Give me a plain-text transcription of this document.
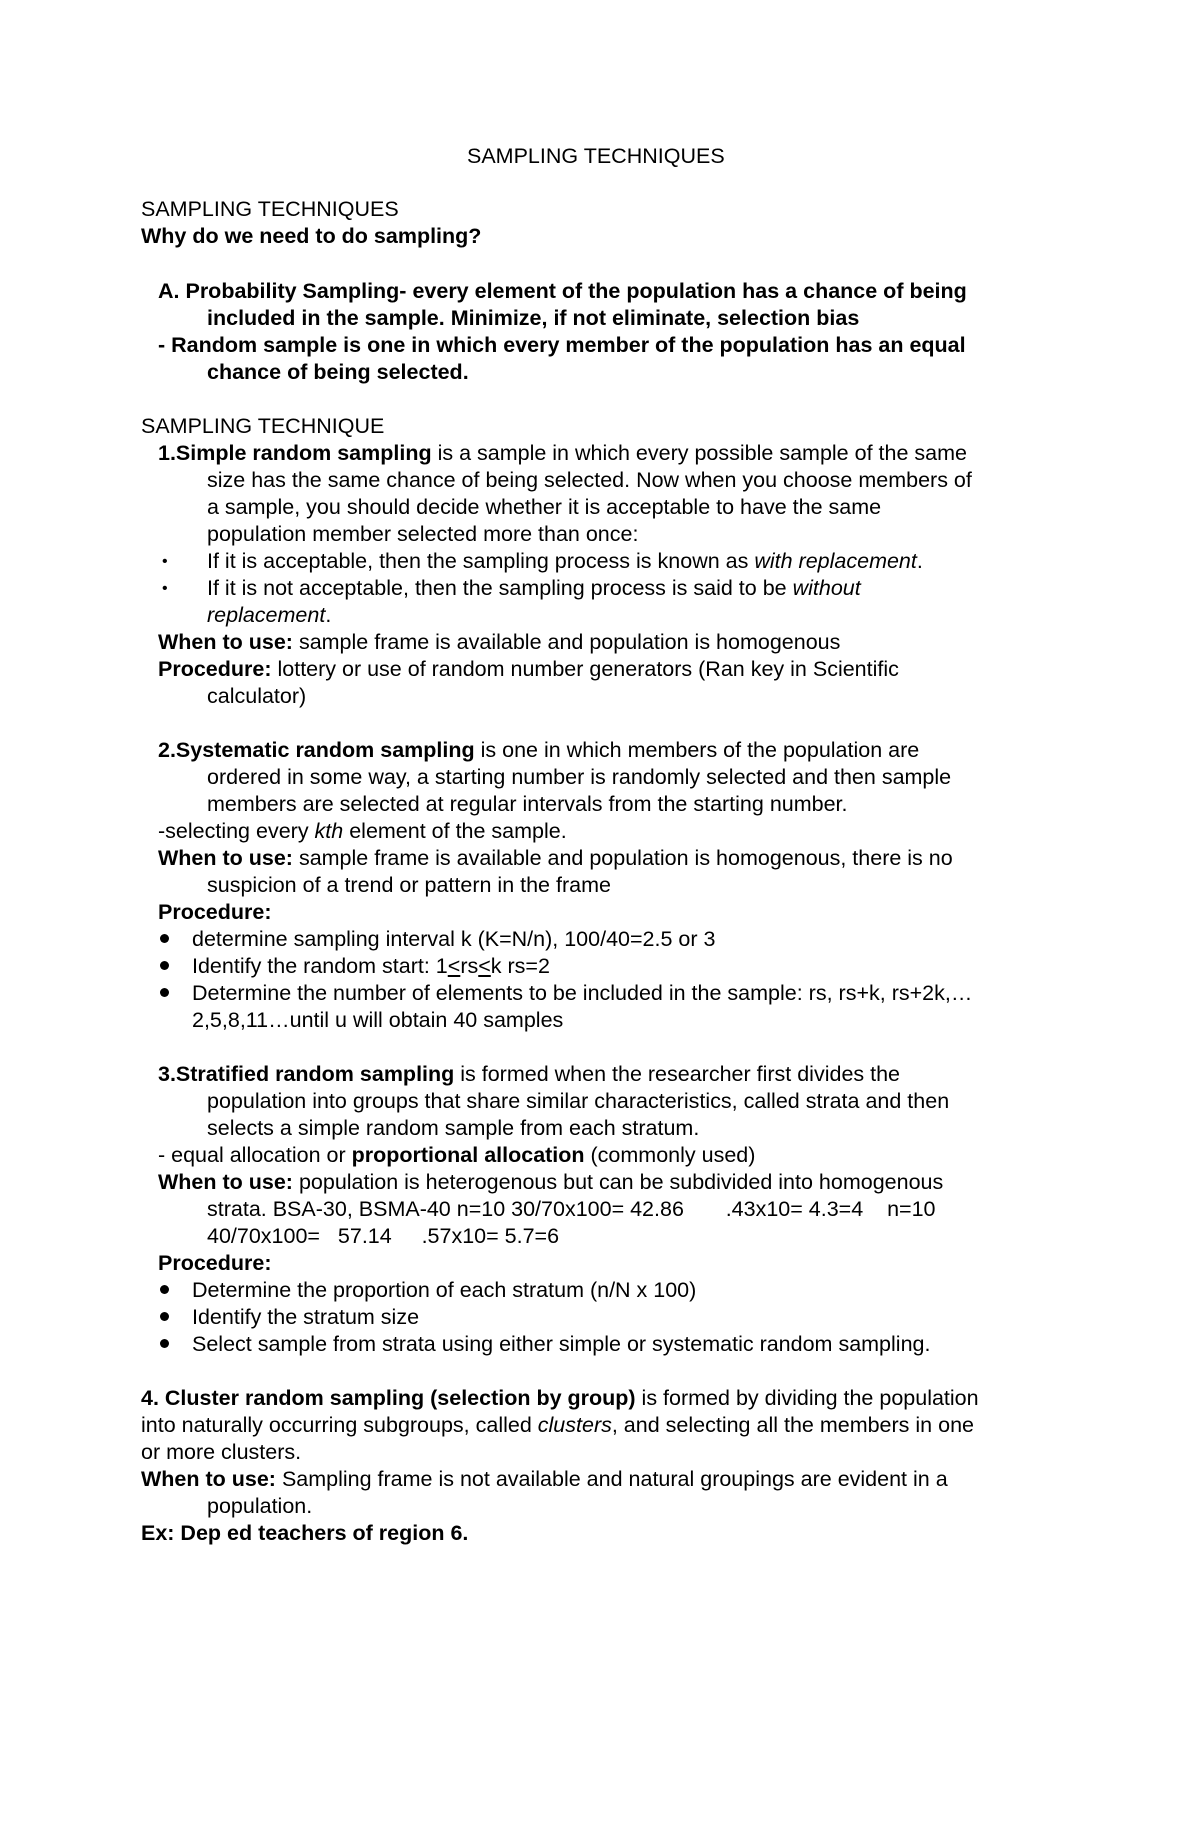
SAMPLING TECHNIQUES
SAMPLING TECHNIQUES
Why do we need to do sampling?
A. Probability Sampling- every element of the population has a chance of being
included in the sample. Minimize, if not eliminate, selection bias
- Random sample is one in which every member of the population has an equal
chance of being selected.
SAMPLING TECHNIQUE
1.Simple random sampling is a sample in which every possible sample of the same
size has the same chance of being selected. Now when you choose members of
a sample, you should decide whether it is acceptable to have the same
population member selected more than once:
• If it is acceptable, then the sampling process is known as with replacement.
• If it is not acceptable, then the sampling process is said to be without
replacement.
When to use: sample frame is available and population is homogenous
Procedure: lottery or use of random number generators (Ran key in Scientific
calculator)
2.Systematic random sampling is one in which members of the population are
ordered in some way, a starting number is randomly selected and then sample
members are selected at regular intervals from the starting number.
-selecting every kth element of the sample.
When to use: sample frame is available and population is homogenous, there is no
suspicion of a trend or pattern in the frame
Procedure:
determine sampling interval k (K=N/n), 100/40=2.5 or 3
Identify the random start: 1<rs<k rs=2
Determine the number of elements to be included in the sample: rs, rs+k, rs+2k,…
2,5,8,11…until u will obtain 40 samples
3.Stratified random sampling is formed when the researcher first divides the
population into groups that share similar characteristics, called strata and then
selects a simple random sample from each stratum.
- equal allocation or proportional allocation (commonly used)
When to use: population is heterogenous but can be subdivided into homogenous
strata. BSA-30, BSMA-40 n=10 30/70x100= 42.86       .43x10= 4.3=4    n=10
40/70x100=   57.14     .57x10= 5.7=6
Procedure:
Determine the proportion of each stratum (n/N x 100)
Identify the stratum size
Select sample from strata using either simple or systematic random sampling.
4. Cluster random sampling (selection by group) is formed by dividing the population
into naturally occurring subgroups, called clusters, and selecting all the members in one
or more clusters.
When to use: Sampling frame is not available and natural groupings are evident in a
population.
Ex: Dep ed teachers of region 6.
